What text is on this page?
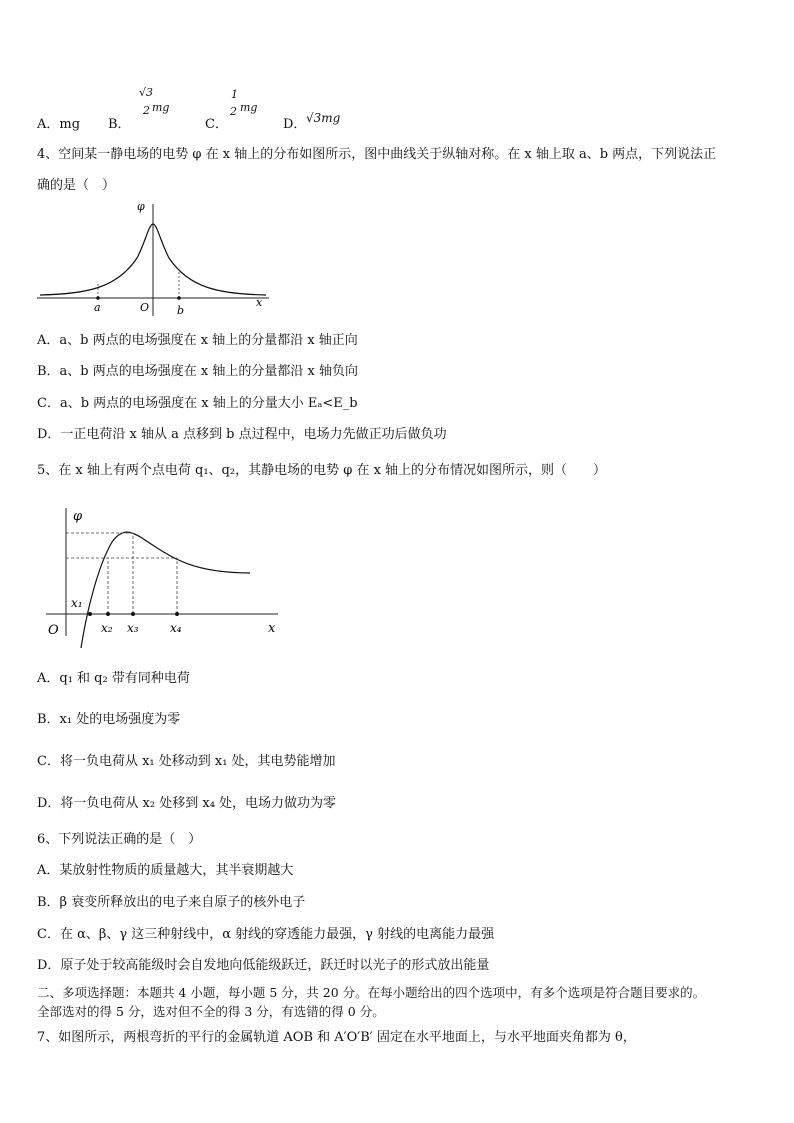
A．mg B．
√3
2 mg
C．
1
2 mg
D． √3mg
4、空间某一静电场的电势 φ 在 x 轴上的分布如图所示，图中曲线关于纵轴对称。在 x 轴上取 a、b 两点，下列说法正
确的是（　）
φ
x
O
a	b
A．a、b 两点的电场强度在 x 轴上的分量都沿 x 轴正向
B．a、b 两点的电场强度在 x 轴上的分量都沿 x 轴负向
C．a、b 两点的电场强度在 x 轴上的分量大小 Eₐ<E_b
D．一正电荷沿 x 轴从 a 点移到 b 点过程中，电场力先做正功后做负功
5、在 x 轴上有两个点电荷 q₁、q₂，其静电场的电势 φ 在 x 轴上的分布情况如图所示，则（　　）
φ
x
O
x₁
x₂ x₃	x₄
A．q₁ 和 q₂ 带有同种电荷
B．x₁ 处的电场强度为零
C．将一负电荷从 x₁ 处移动到 x₁ 处，其电势能增加
D．将一负电荷从 x₂ 处移到 x₄ 处，电场力做功为零
6、下列说法正确的是（　）
A．某放射性物质的质量越大，其半衰期越大
B．β 衰变所释放出的电子来自原子的核外电子
C．在 α、β、γ 这三种射线中，α 射线的穿透能力最强，γ 射线的电离能力最强
D．原子处于较高能级时会自发地向低能级跃迁，跃迁时以光子的形式放出能量
二、多项选择题：本题共 4 小题，每小题 5 分，共 20 分。在每小题给出的四个选项中，有多个选项是符合题目要求的。
全部选对的得 5 分，选对但不全的得 3 分，有选错的得 0 分。
7、如图所示，两根弯折的平行的金属轨道 AOB 和 A′O′B′ 固定在水平地面上，与水平地面夹角都为 θ，
